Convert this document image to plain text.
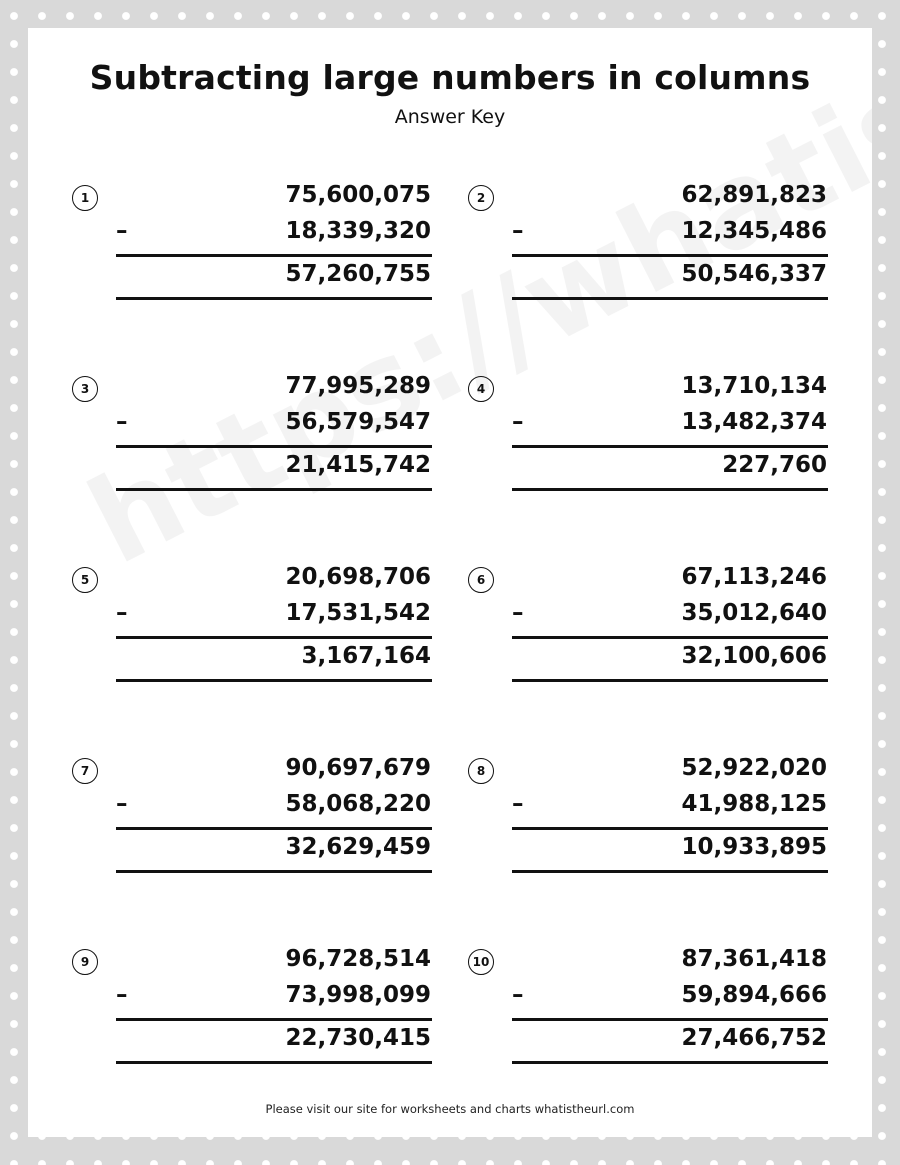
Subtracting large numbers in columns
Answer Key
1	75,600,075
–	18,339,320
57,260,755
2	62,891,823
–	12,345,486
50,546,337
3	77,995,289
–	56,579,547
21,415,742
4	13,710,134
–	13,482,374
227,760
5	20,698,706
–	17,531,542
3,167,164
6	67,113,246
–	35,012,640
32,100,606
7	90,697,679
–	58,068,220
32,629,459
8	52,922,020
–	41,988,125
10,933,895
9	96,728,514
–	73,998,099
22,730,415
10	87,361,418
–	59,894,666
27,466,752
Please visit our site for worksheets and charts whatistheurl.com
